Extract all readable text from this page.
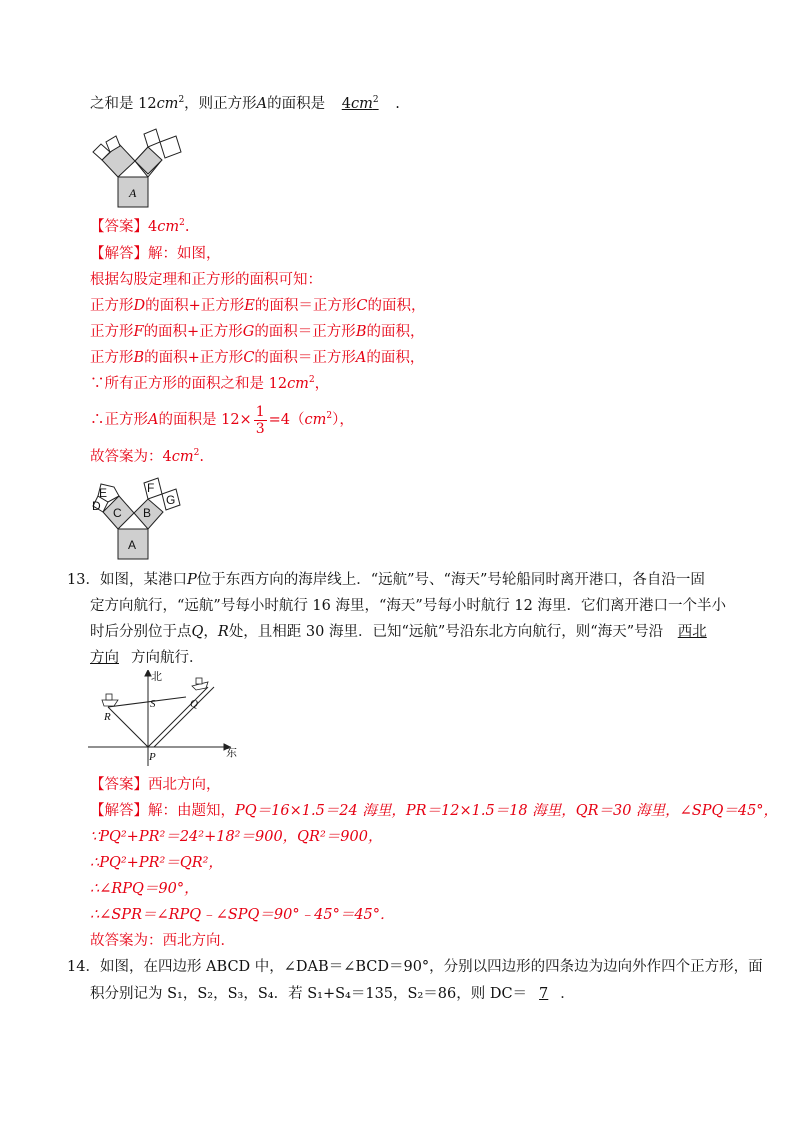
之和是 $12cm^2$，则正方形A的面积是 $4cm^2$ .
A
【答案】$4cm^2$.
【解答】解：如图，
根据勾股定理和正方形的面积可知：
正方形D的面积+正方形E的面积＝正方形C的面积，
正方形F的面积+正方形G的面积＝正方形B的面积，
正方形B的面积+正方形C的面积＝正方形A的面积，
∵所有正方形的面积之和是 $12cm^2$，
∴正方形A的面积是 $12\times \frac{1}{3} =4(cm^2)$，
故答案为：$4cm^2$.
E
D C
F
G
B
A
13．如图，某港口P位于东西方向的海岸线上．“远航”号、“海天”号轮船同时离开港口，各自沿一固
定方向航行，“远航”号每小时航行 16 海里，“海天”号每小时航行 12 海里．它们离开港口一个半小
时后分别位于点Q，R处，且相距 30 海里．已知“远航”号沿东北方向航行，则“海天”号沿 西北
方向 方向航行．
北
东
S
R
Q
P
【答案】西北方向，
【解答】解：由题知，PQ＝16×1.5＝24 海里，PR＝12×1.5＝18 海里，QR＝30 海里，∠SPQ＝45°，
∵PQ²+PR²＝24²+18²＝900，QR²＝900，
∴PQ²+PR²＝QR²，
∴∠RPQ＝90°，
∴∠SPR＝∠RPQ﹣∠SPQ＝90°﹣45°＝45°．
故答案为：西北方向．
14．如图，在四边形 ABCD 中，∠DAB＝∠BCD＝90°，分别以四边形的四条边为边向外作四个正方形，面
积分别记为 S₁，S₂，S₃，S₄．若 S₁+S₄＝135，S₂＝86，则 DC＝ 7 ．
